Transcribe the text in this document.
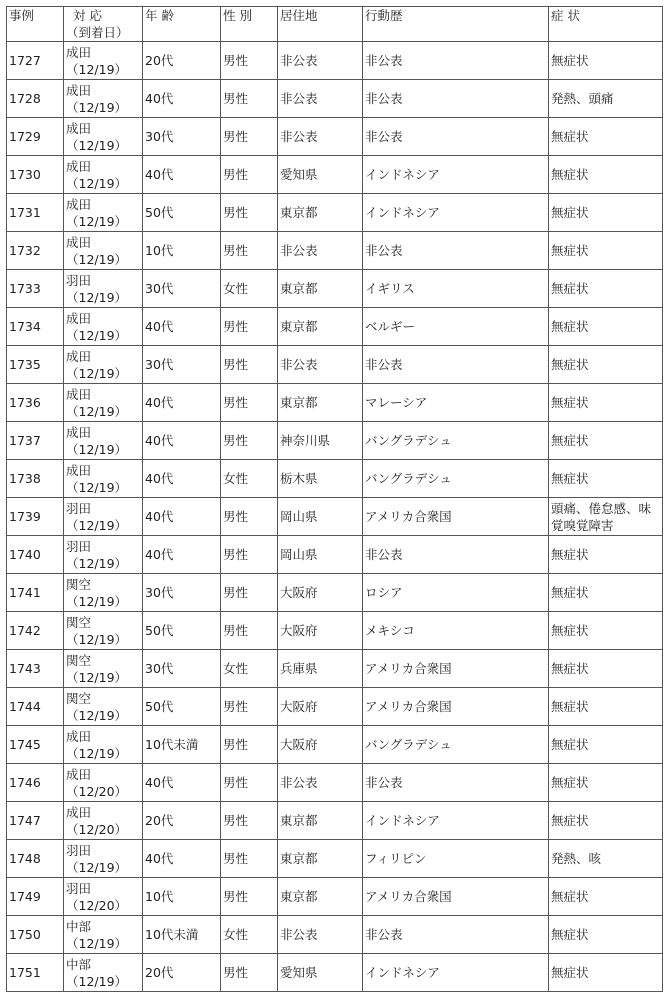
事例	対 応
（到着日）	年 齢	性 別	居住地	行動歴	症 状
1727	成田
（12/19）	20代	男性	非公表	非公表	無症状
1728	成田
（12/19）	40代	男性	非公表	非公表	発熱、頭痛
1729	成田
（12/19）	30代	男性	非公表	非公表	無症状
1730	成田
（12/19）	40代	男性	愛知県	インドネシア	無症状
1731	成田
（12/19）	50代	男性	東京都	インドネシア	無症状
1732	成田
（12/19）	10代	男性	非公表	非公表	無症状
1733	羽田
（12/19）	30代	女性	東京都	イギリス	無症状
1734	成田
（12/19）	40代	男性	東京都	ベルギー	無症状
1735	成田
（12/19）	30代	男性	非公表	非公表	無症状
1736	成田
（12/19）	40代	男性	東京都	マレーシア	無症状
1737	成田
（12/19）	40代	男性	神奈川県	バングラデシュ	無症状
1738	成田
（12/19）	40代	女性	栃木県	バングラデシュ	無症状
1739	羽田
（12/19）	40代	男性	岡山県	アメリカ合衆国	頭痛、倦怠感、味覚嗅覚障害
1740	羽田
（12/19）	40代	男性	岡山県	非公表	無症状
1741	関空
（12/19）	30代	男性	大阪府	ロシア	無症状
1742	関空
（12/19）	50代	男性	大阪府	メキシコ	無症状
1743	関空
（12/19）	30代	女性	兵庫県	アメリカ合衆国	無症状
1744	関空
（12/19）	50代	男性	大阪府	アメリカ合衆国	無症状
1745	成田
（12/19）	10代未満	男性	大阪府	バングラデシュ	無症状
1746	成田
（12/20）	40代	男性	非公表	非公表	無症状
1747	成田
（12/20）	20代	男性	東京都	インドネシア	無症状
1748	羽田
（12/19）	40代	男性	東京都	フィリピン	発熱、咳
1749	羽田
（12/20）	10代	男性	東京都	アメリカ合衆国	無症状
1750	中部
（12/19）	10代未満	女性	非公表	非公表	無症状
1751	中部
（12/19）	20代	男性	愛知県	インドネシア	無症状
